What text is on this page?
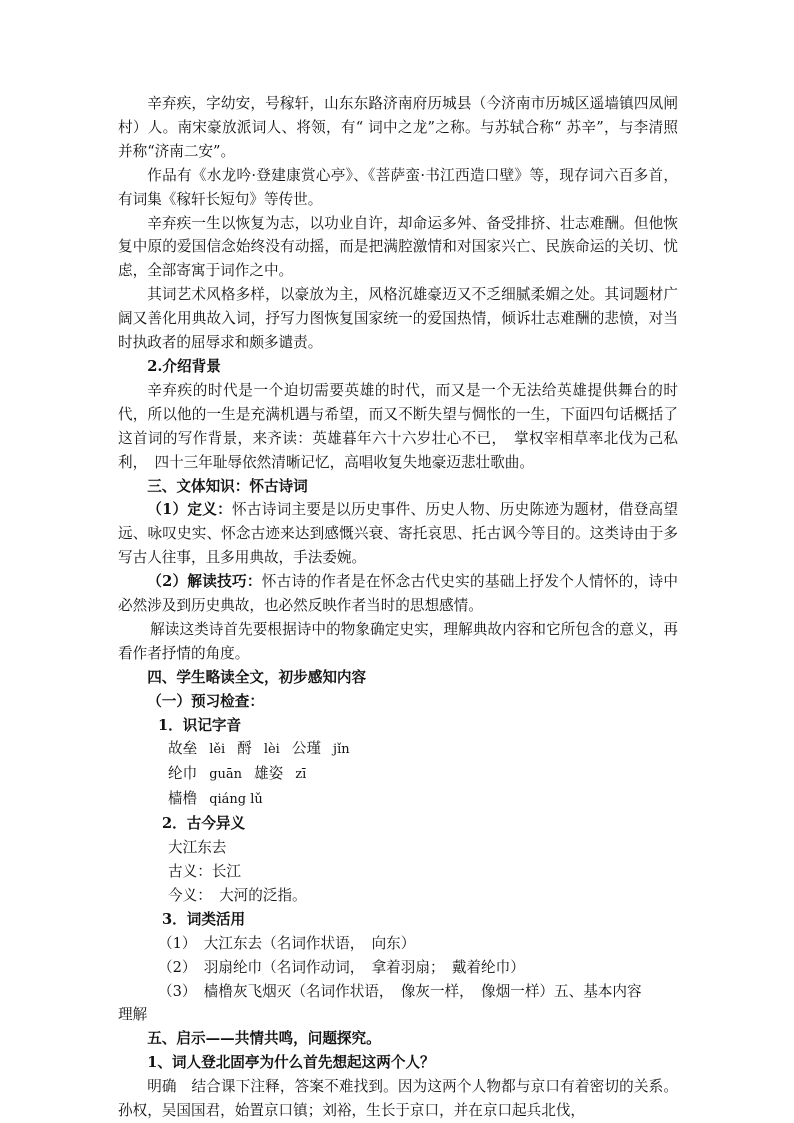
辛弃疾，字幼安，号稼轩，山东东路济南府历城县（今济南市历城区遥墙镇四凤闸村）人。南宋豪放派词人、将领，有“ 词中之龙”之称。与苏轼合称“ 苏辛”，与李清照并称“济南二安”。

作品有《水龙吟·登建康赏心亭》、《菩萨蛮·书江西造口壁》等，现存词六百多首，有词集《稼轩长短句》等传世。

辛弃疾一生以恢复为志，以功业自许，却命运多舛、备受排挤、壮志难酬。但他恢复中原的爱国信念始终没有动摇，而是把满腔激情和对国家兴亡、民族命运的关切、忧虑，全部寄寓于词作之中。

其词艺术风格多样，以豪放为主，风格沉雄豪迈又不乏细腻柔媚之处。其词题材广阔又善化用典故入词，抒写力图恢复国家统一的爱国热情，倾诉壮志难酬的悲愤，对当时执政者的屈辱求和颇多谴责。

2.介绍背景

辛弃疾的时代是一个迫切需要英雄的时代，而又是一个无法给英雄提供舞台的时代，所以他的一生是充满机遇与希望，而又不断失望与惆怅的一生，下面四句话概括了这首词的写作背景，来齐读：英雄暮年六十六岁壮心不已，　掌权宰相草率北伐为己私利，　四十三年耻辱依然清晰记忆，高唱收复失地豪迈悲壮歌曲。

三、文体知识：怀古诗词

（1）定义：怀古诗词主要是以历史事件、历史人物、历史陈迹为题材，借登高望远、咏叹史实、怀念古迹来达到感慨兴衰、寄托哀思、托古讽今等目的。这类诗由于多写古人往事，且多用典故，手法委婉。

（2）解读技巧：怀古诗的作者是在怀念古代史实的基础上抒发个人情怀的，诗中必然涉及到历史典故，也必然反映作者当时的思想感情。

解读这类诗首先要根据诗中的物象确定史实，理解典故内容和它所包含的意义，再看作者抒情的角度。

四、学生略读全文，初步感知内容

（一）预习检查：

1．识记字音

故垒 lěi 酹 lèi 公瑾 jǐn

纶巾 guān 雄姿 zī

樯橹 qiáng lǔ

2．古今异义

大江东去

古义：长江

今义：　大河的泛指。

3．词类活用

（1）　大江东去（名词作状语，　向东）

（2）　羽扇纶巾（名词作动词，　拿着羽扇；　戴着纶巾）

（3）　樯橹灰飞烟灭（名词作状语，　像灰一样，　像烟一样）五、基本内容

理解

五、启示——共情共鸣，问题探究。

1、词人登北固亭为什么首先想起这两个人？

明确　 结合课下注释，答案不难找到。因为这两个人物都与京口有着密切的关系。孙权，吴国国君，始置京口镇；刘裕，生长于京口，并在京口起兵北伐，
